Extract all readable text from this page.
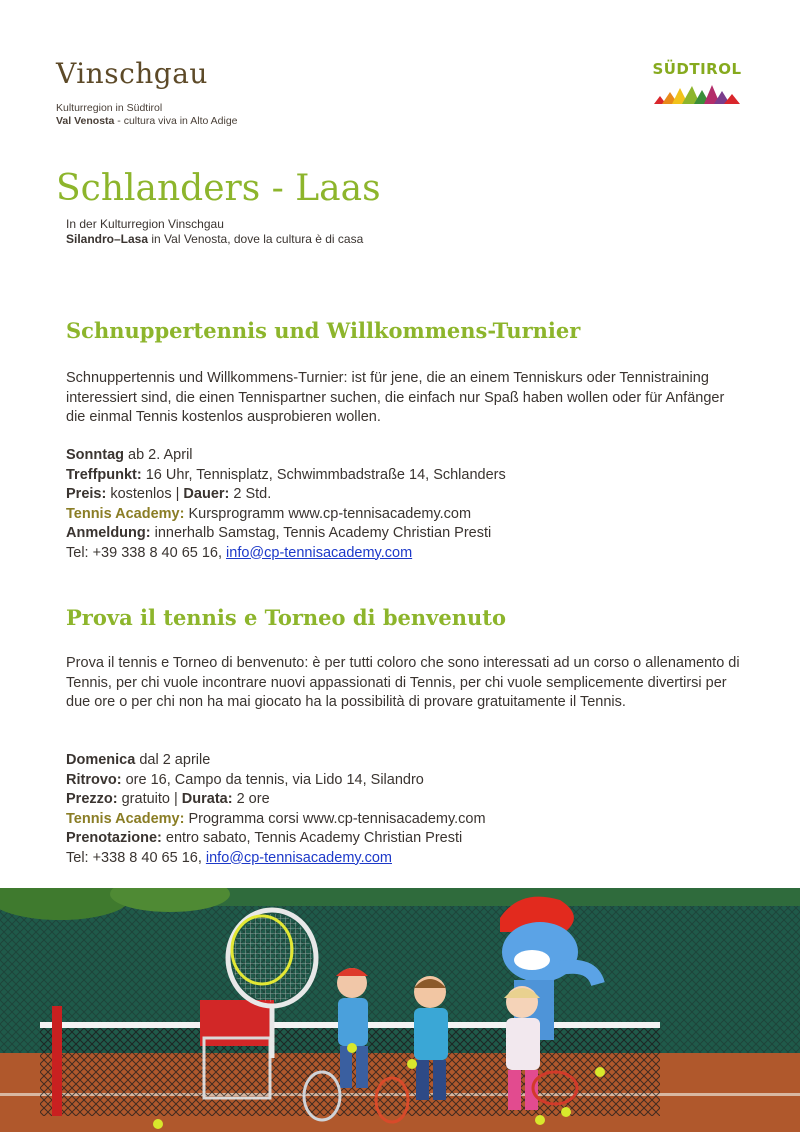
Vinschgau
Kulturregion in Südtirol
Val Venosta - cultura viva in Alto Adige
SÜDTIROL
Schlanders - Laas
In der Kulturregion Vinschgau
Silandro–Lasa in Val Venosta, dove la cultura è di casa
Schnuppertennis und Willkommens-Turnier

Schnuppertennis und Willkommens-Turnier: ist für jene, die an einem Tenniskurs oder Tennistraining interessiert sind, die einen Tennispartner suchen, die einfach nur Spaß haben wollen oder für Anfänger die einmal Tennis kostenlos ausprobieren wollen.

Sonntag ab 2. April
Treffpunkt: 16 Uhr, Tennisplatz, Schwimmbadstraße 14, Schlanders
Preis: kostenlos | Dauer: 2 Std.
Tennis Academy: Kursprogramm www.cp-tennisacademy.com
Anmeldung: innerhalb Samstag, Tennis Academy Christian Presti
Tel: +39 338 8 40 65 16, info@cp-tennisacademy.com
Prova il tennis e Torneo di benvenuto

Prova il tennis e Torneo di benvenuto: è per tutti coloro che sono interessati ad un corso o allenamento di Tennis, per chi vuole incontrare nuovi appassionati di Tennis, per chi vuole semplicemente divertirsi per due ore o per chi non ha mai giocato ha la possibilità di provare gratuitamente il Tennis.

Domenica dal 2 aprile
Ritrovo: ore 16, Campo da tennis, via Lido 14, Silandro
Prezzo: gratuito | Durata: 2 ore
Tennis Academy: Programma corsi www.cp-tennisacademy.com
Prenotazione: entro sabato, Tennis Academy Christian Presti
Tel: +338 8 40 65 16, info@cp-tennisacademy.com
